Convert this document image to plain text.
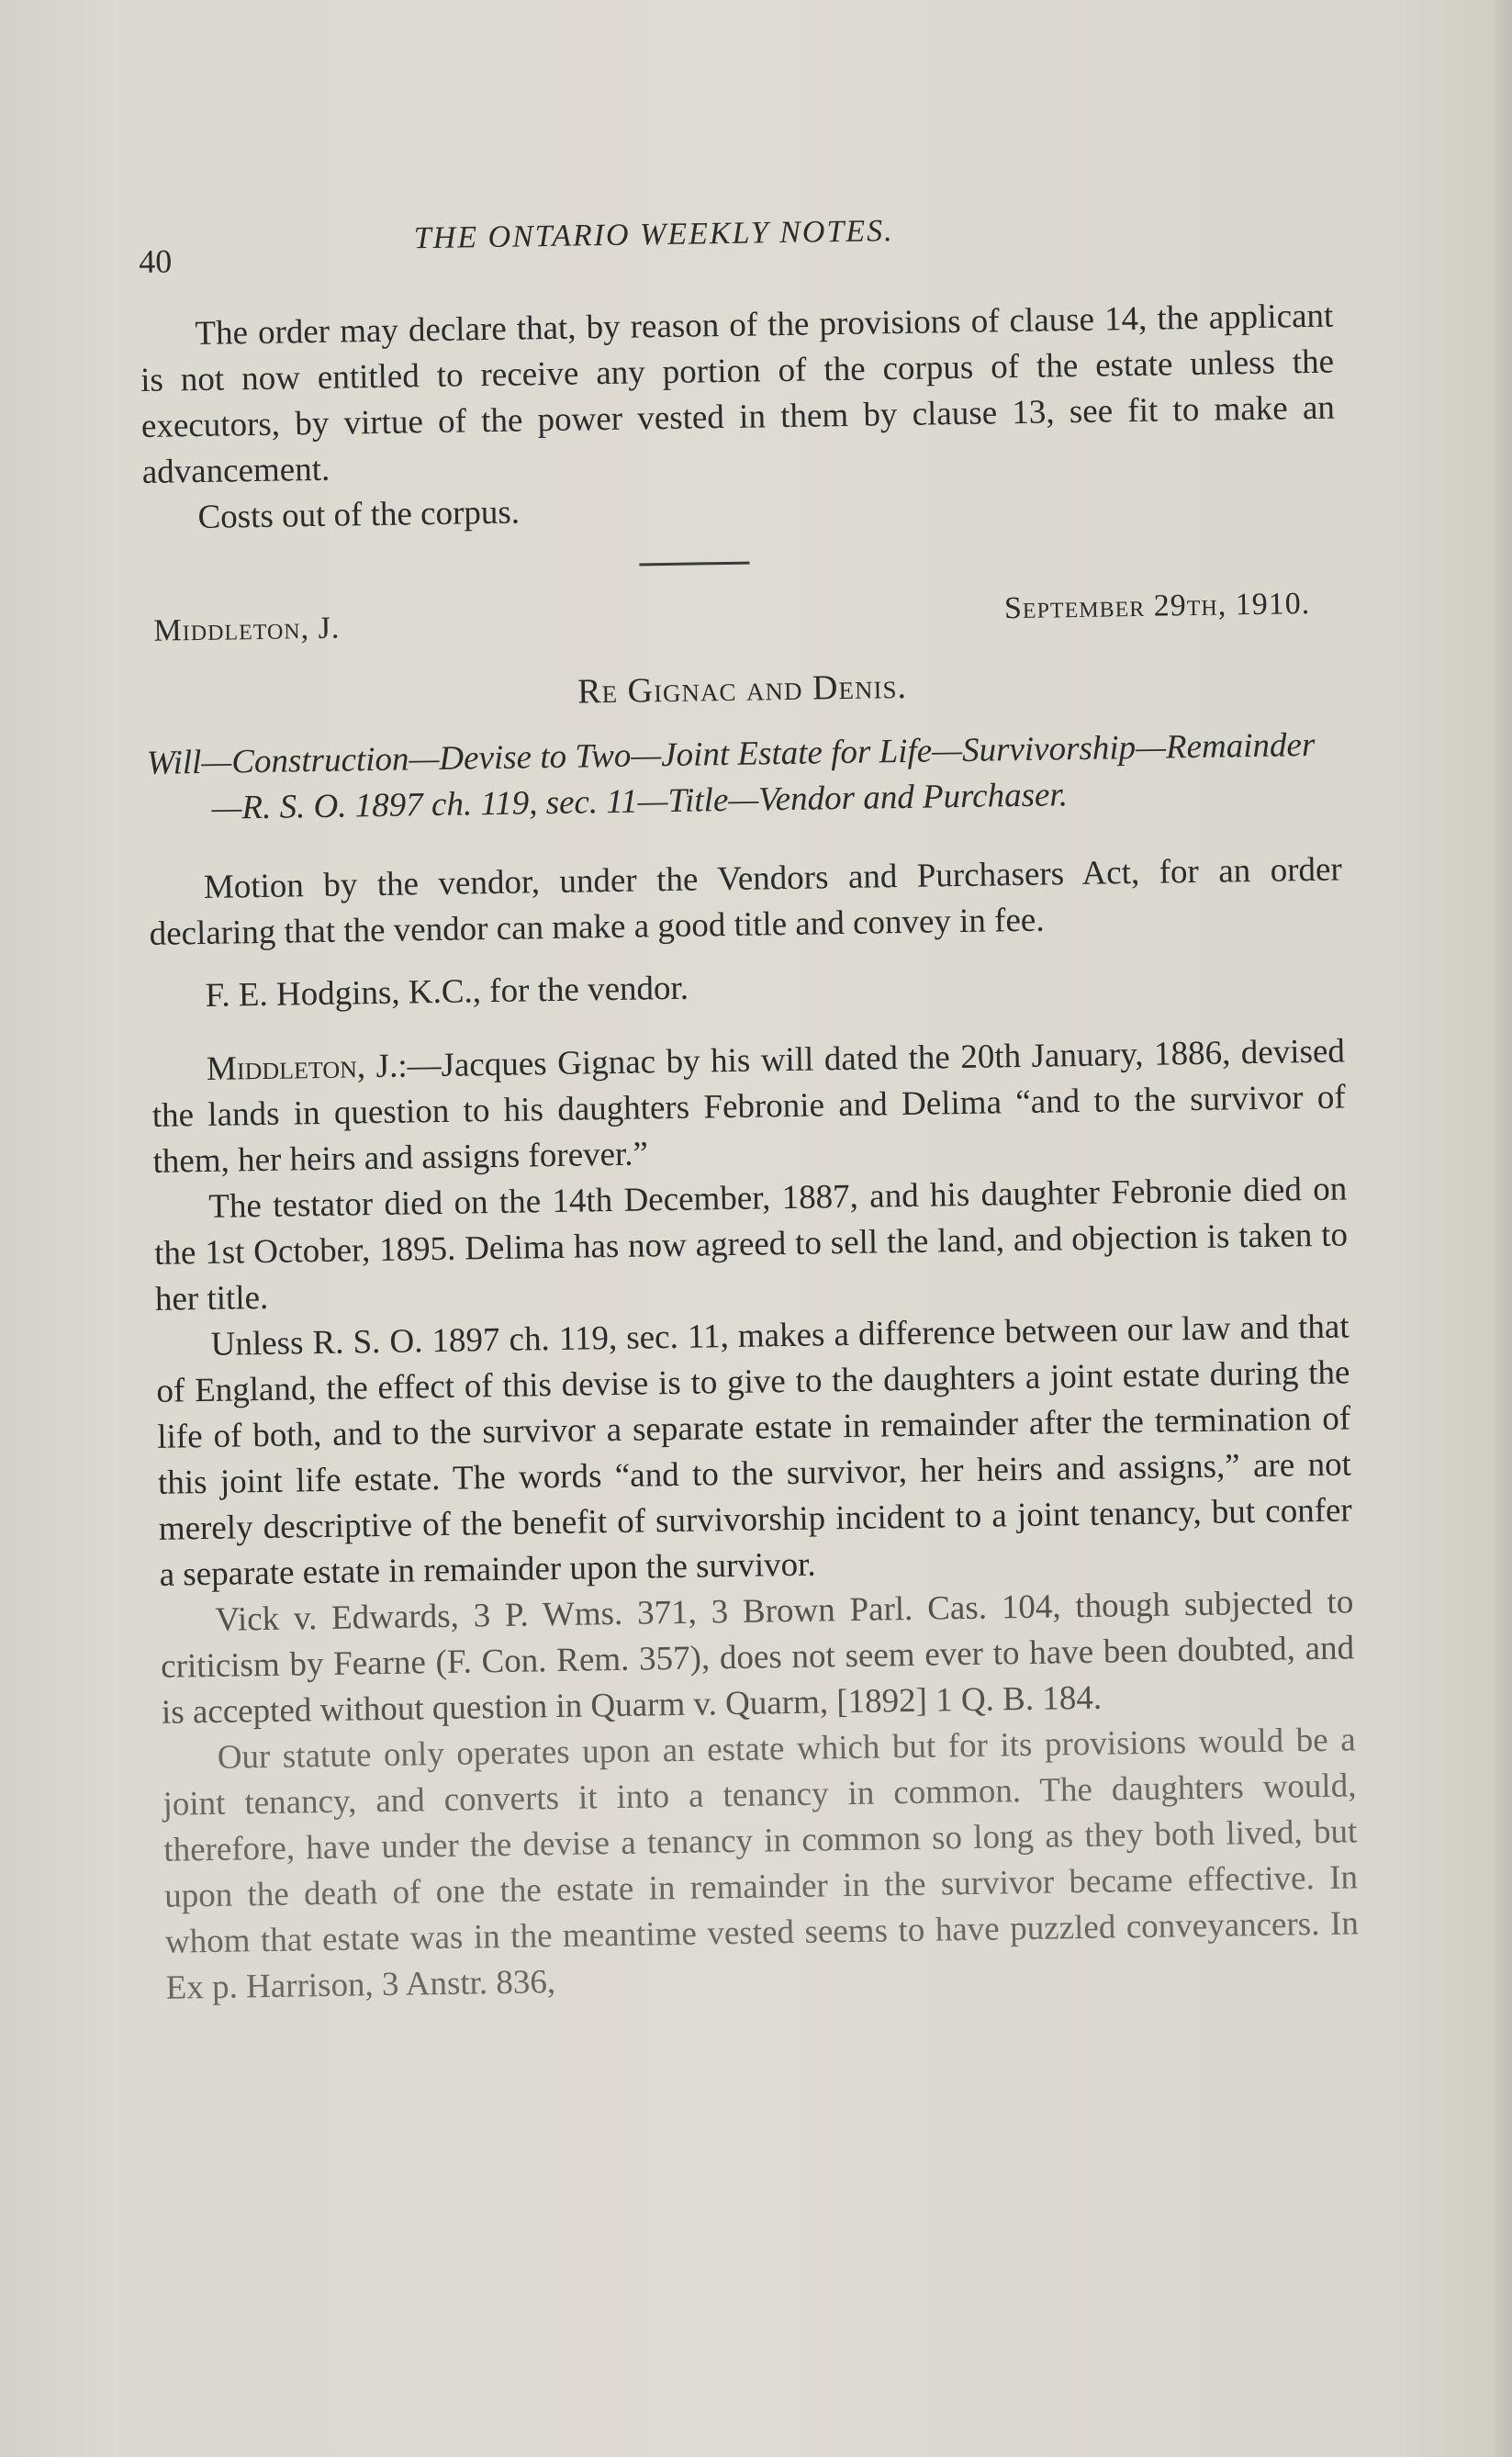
40
THE ONTARIO WEEKLY NOTES.

The order may declare that, by reason of the provisions of clause 14, the applicant is not now entitled to receive any portion of the corpus of the estate unless the executors, by virtue of the power vested in them by clause 13, see fit to make an advancement.

Costs out of the corpus.

Middleton, J.
September 29th, 1910.
Re Gignac and Denis.

Will—Construction—Devise to Two—Joint Estate for Life—Survivorship—Remainder—R. S. O. 1897 ch. 119, sec. 11—Title—Vendor and Purchaser.

Motion by the vendor, under the Vendors and Purchasers Act, for an order declaring that the vendor can make a good title and convey in fee.

F. E. Hodgins, K.C., for the vendor.

Middleton, J.:—Jacques Gignac by his will dated the 20th January, 1886, devised the lands in question to his daughters Febronie and Delima “and to the survivor of them, her heirs and assigns forever.”

The testator died on the 14th December, 1887, and his daughter Febronie died on the 1st October, 1895. Delima has now agreed to sell the land, and objection is taken to her title.

Unless R. S. O. 1897 ch. 119, sec. 11, makes a difference between our law and that of England, the effect of this devise is to give to the daughters a joint estate during the life of both, and to the survivor a separate estate in remainder after the termination of this joint life estate. The words “and to the survivor, her heirs and assigns,” are not merely descriptive of the benefit of survivorship incident to a joint tenancy, but confer a separate estate in remainder upon the survivor.

Vick v. Edwards, 3 P. Wms. 371, 3 Brown Parl. Cas. 104, though subjected to criticism by Fearne (F. Con. Rem. 357), does not seem ever to have been doubted, and is accepted without question in Quarm v. Quarm, [1892] 1 Q. B. 184.

Our statute only operates upon an estate which but for its provisions would be a joint tenancy, and converts it into a tenancy in common. The daughters would, therefore, have under the devise a tenancy in common so long as they both lived, but upon the death of one the estate in remainder in the survivor became effective. In whom that estate was in the meantime vested seems to have puzzled conveyancers. In Ex p. Harrison, 3 Anstr. 836,
